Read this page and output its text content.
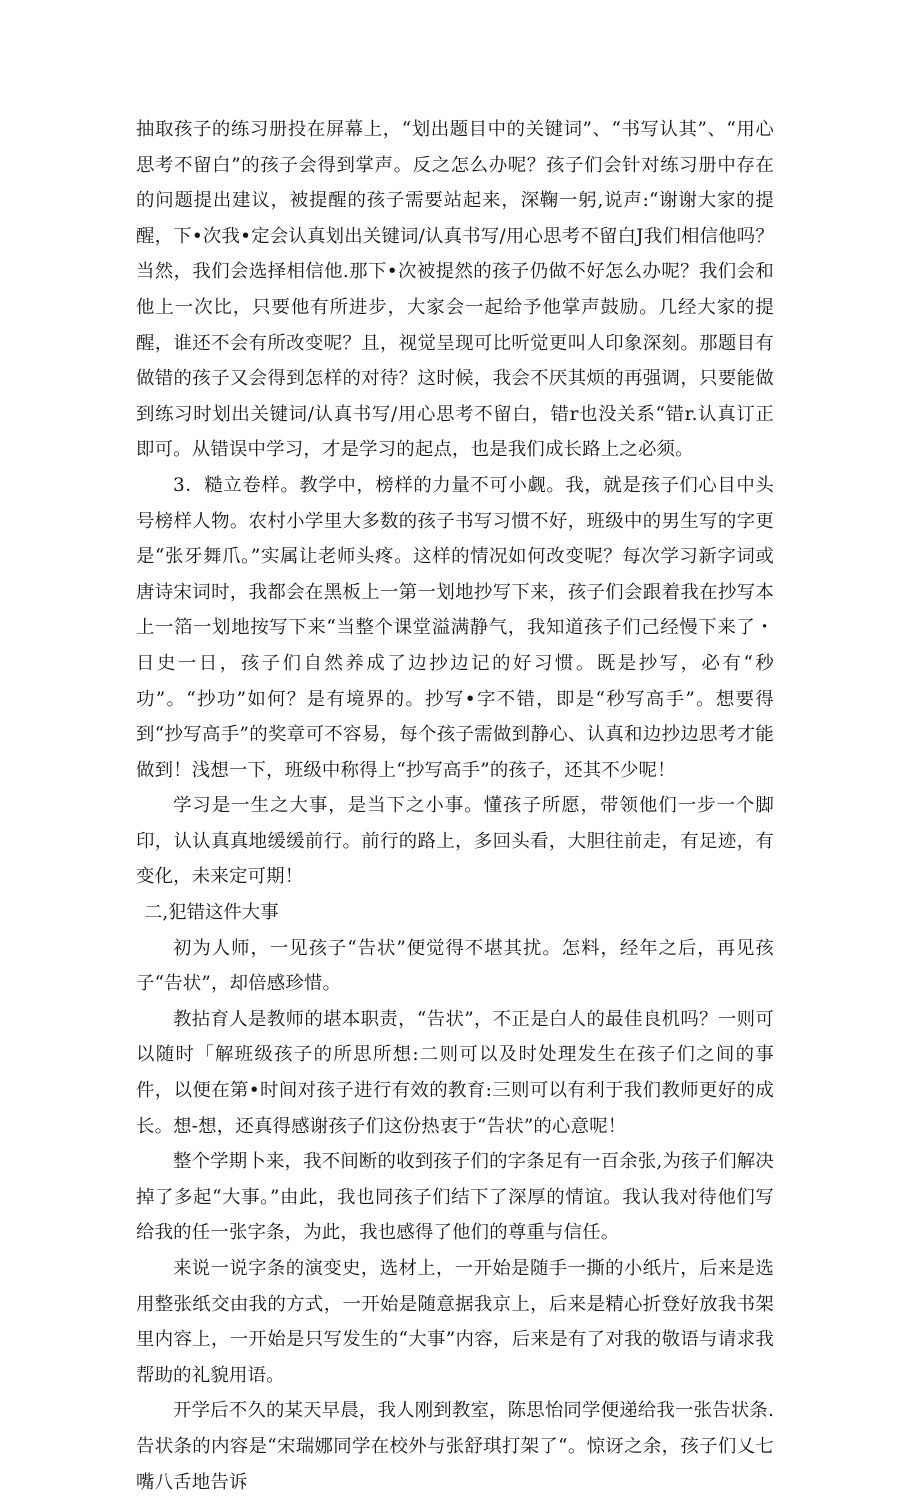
抽取孩子的练习册投在屏幕上，“划出题目中的关键词”、“书写认其”、“用心思考不留白”的孩子会得到掌声。反之怎么办呢？孩子们会针对练习册中存在的问题提出建议，被提醒的孩子需要站起来，深鞠一躬,说声:“谢谢大家的提醒，下•次我•定会认真划出关键词/认真书写/用心思考不留白J我们相信他吗？当然，我们会选择相信他.那下•次被提然的孩子仍做不好怎么办呢？我们会和他上一次比，只要他有所进步，大家会一起给予他掌声鼓励。几经大家的提醒，谁还不会有所改变呢？且，视觉呈现可比听觉更叫人印象深刻。那题目有做错的孩子又会得到怎样的对待？这时候，我会不厌其烦的再强调，只要能做到练习时划出关键词/认真书写/用心思考不留白，错r也没关系“错r.认真订正即可。从错误中学习，才是学习的起点，也是我们成长路上之必须。

3．糙立卷样。教学中，榜样的力量不可小觑。我，就是孩子们心目中头号榜样人物。农村小学里大多数的孩子书写习惯不好，班级中的男生写的字更是“张牙舞爪。”实属让老师头疼。这样的情况如何改变呢？每次学习新字词或唐诗宋词时，我都会在黑板上一第一划地抄写下来，孩子们会跟着我在抄写本上一箔一划地按写下来“当整个课堂溢满静气，我知道孩子们己经慢下来了・日史一日，孩子们自然养成了边抄边记的好习惯。既是抄写，必有“秒功”。“抄功”如何？是有境界的。抄写•字不错，即是“秒写高手”。想要得到“抄写高手”的奖章可不容易，每个孩子需做到静心、认真和边抄边思考才能做到！浅想一下，班级中称得上“抄写高手”的孩子，还其不少呢！

学习是一生之大事，是当下之小事。懂孩子所愿，带领他们一步一个脚印，认认真真地缓缓前行。前行的路上，多回头看，大胆往前走，有足迹，有变化，未来定可期！

二,犯错这件大事

初为人师，一见孩子“告状”便觉得不堪其扰。怎料，经年之后，再见孩子“告状”，却倍感珍惜。

教拈育人是教师的堪本职责，“告状”，不正是白人的最佳良机吗？一则可以随时「解班级孩子的所思所想:二则可以及时处理发生在孩子们之间的事件，以便在第•时间对孩子进行有效的教育:三则可以有利于我们教师更好的成长。想-想，还真得感谢孩子们这份热衷于“告状”的心意呢！

整个学期卜来，我不间断的收到孩子们的字条足有一百余张,为孩子们解决掉了多起“大事。”由此，我也同孩子们结下了深厚的情谊。我认我对待他们写给我的任一张字条，为此，我也感得了他们的尊重与信任。

来说一说字条的演变史，选材上，一开始是随手一撕的小纸片，后来是选用整张纸交由我的方式，一开始是随意据我京上，后来是精心折登好放我书架里内容上，一开始是只写发生的“大事”内容，后来是有了对我的敬语与请求我帮助的礼貌用语。

开学后不久的某天早晨，我人刚到教室，陈思怡同学便递给我一张告状条.告状条的内容是“宋瑞娜同学在校外与张舒琪打架了“。惊讶之余，孩子们乂七嘴八舌地告诉
